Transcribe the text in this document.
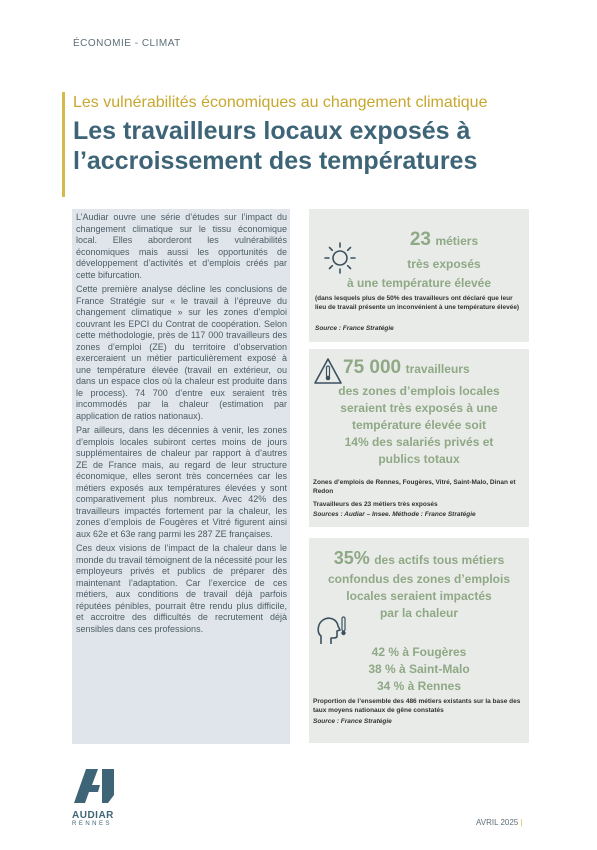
ÉCONOMIE - CLIMAT
Les vulnérabilités économiques au changement climatique
Les travailleurs locaux exposés à l’accroissement des températures

L’Audiar ouvre une série d’études sur l’impact du changement climatique sur le tissu économique local. Elles aborderont les vulnérabilités économiques mais aussi les opportunités de développement d’activités et d’emplois créés par cette bifurcation.

Cette première analyse décline les conclusions de France Stratégie sur « le travail à l’épreuve du changement climatique » sur les zones d’emploi couvrant les EPCI du Contrat de coopération. Selon cette méthodologie, près de 117 000 travailleurs des zones d’emploi (ZE) du territoire d’observation exerceraient un métier particulièrement exposé à une température élevée (travail en extérieur, ou dans un espace clos où la chaleur est produite dans le process). 74 700 d’entre eux seraient très incommodés par la chaleur (estimation par application de ratios nationaux).

Par ailleurs, dans les décennies à venir, les zones d’emplois locales subiront certes moins de jours supplémentaires de chaleur par rapport à d’autres ZE de France mais, au regard de leur structure économique, elles seront très concernées car les métiers exposés aux températures élevées y sont comparativement plus nombreux. Avec 42% des travailleurs impactés fortement par la chaleur, les zones d’emplois de Fougères et Vitré figurent ainsi aux 62e et 63e rang parmi les 287 ZE françaises.

Ces deux visions de l’impact de la chaleur dans le monde du travail témoignent de la nécessité pour les employeurs privés et publics de préparer dès maintenant l’adaptation. Car l’exercice de ces métiers, aux conditions de travail déjà parfois réputées pénibles, pourrait être rendu plus difficile, et accroitre des difficultés de recrutement déjà sensibles dans ces professions.

23 métiers
très exposés
à une température élevée
(dans lesquels plus de 50% des travailleurs ont déclaré que leur lieu de travail présente un inconvénient à une température élevée)
Source : France Stratégie
75 000 travailleurs
des zones d’emplois locales
seraient très exposés à une
température élevée soit
14% des salariés privés et
publics totaux
Zones d’emplois de Rennes, Fougères, Vitré, Saint-Malo, Dinan et Redon
Travailleurs des 23 métiers très exposés
Sources : Audiar – Insee. Méthode : France Stratégie
35% des actifs tous métiers
confondus des zones d’emplois
locales seraient impactés
par la chaleur
42 % à Fougères
38 % à Saint-Malo
34 % à Rennes
Proportion de l’ensemble des 486 métiers existants sur la base des taux moyens nationaux de gêne constatés
Source : France Stratégie
AUDIAR
RENNES	AVRIL 2025 |
